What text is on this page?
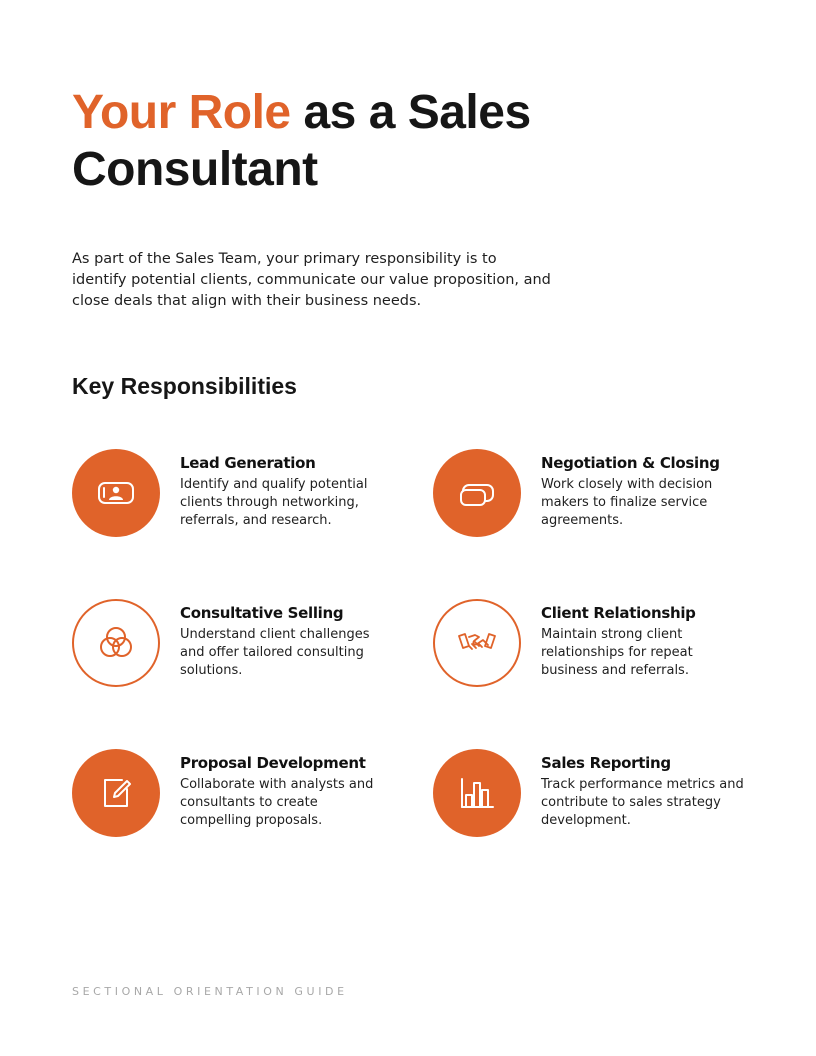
Your Role as a Sales
Consultant

As part of the Sales Team, your primary responsibility is to identify potential clients, communicate our value proposition, and close deals that align with their business needs.

Key Responsibilities
Lead Generation

Identify and qualify potential clients through networking, referrals, and research.

Negotiation & Closing

Work closely with decision makers to finalize service agreements.

Consultative Selling

Understand client challenges and offer tailored consulting solutions.

Client Relationship

Maintain strong client relationships for repeat business and referrals.

Proposal Development

Collaborate with analysts and consultants to create compelling proposals.

Sales Reporting

Track performance metrics and contribute to sales strategy development.

SECTIONAL ORIENTATION GUIDE
